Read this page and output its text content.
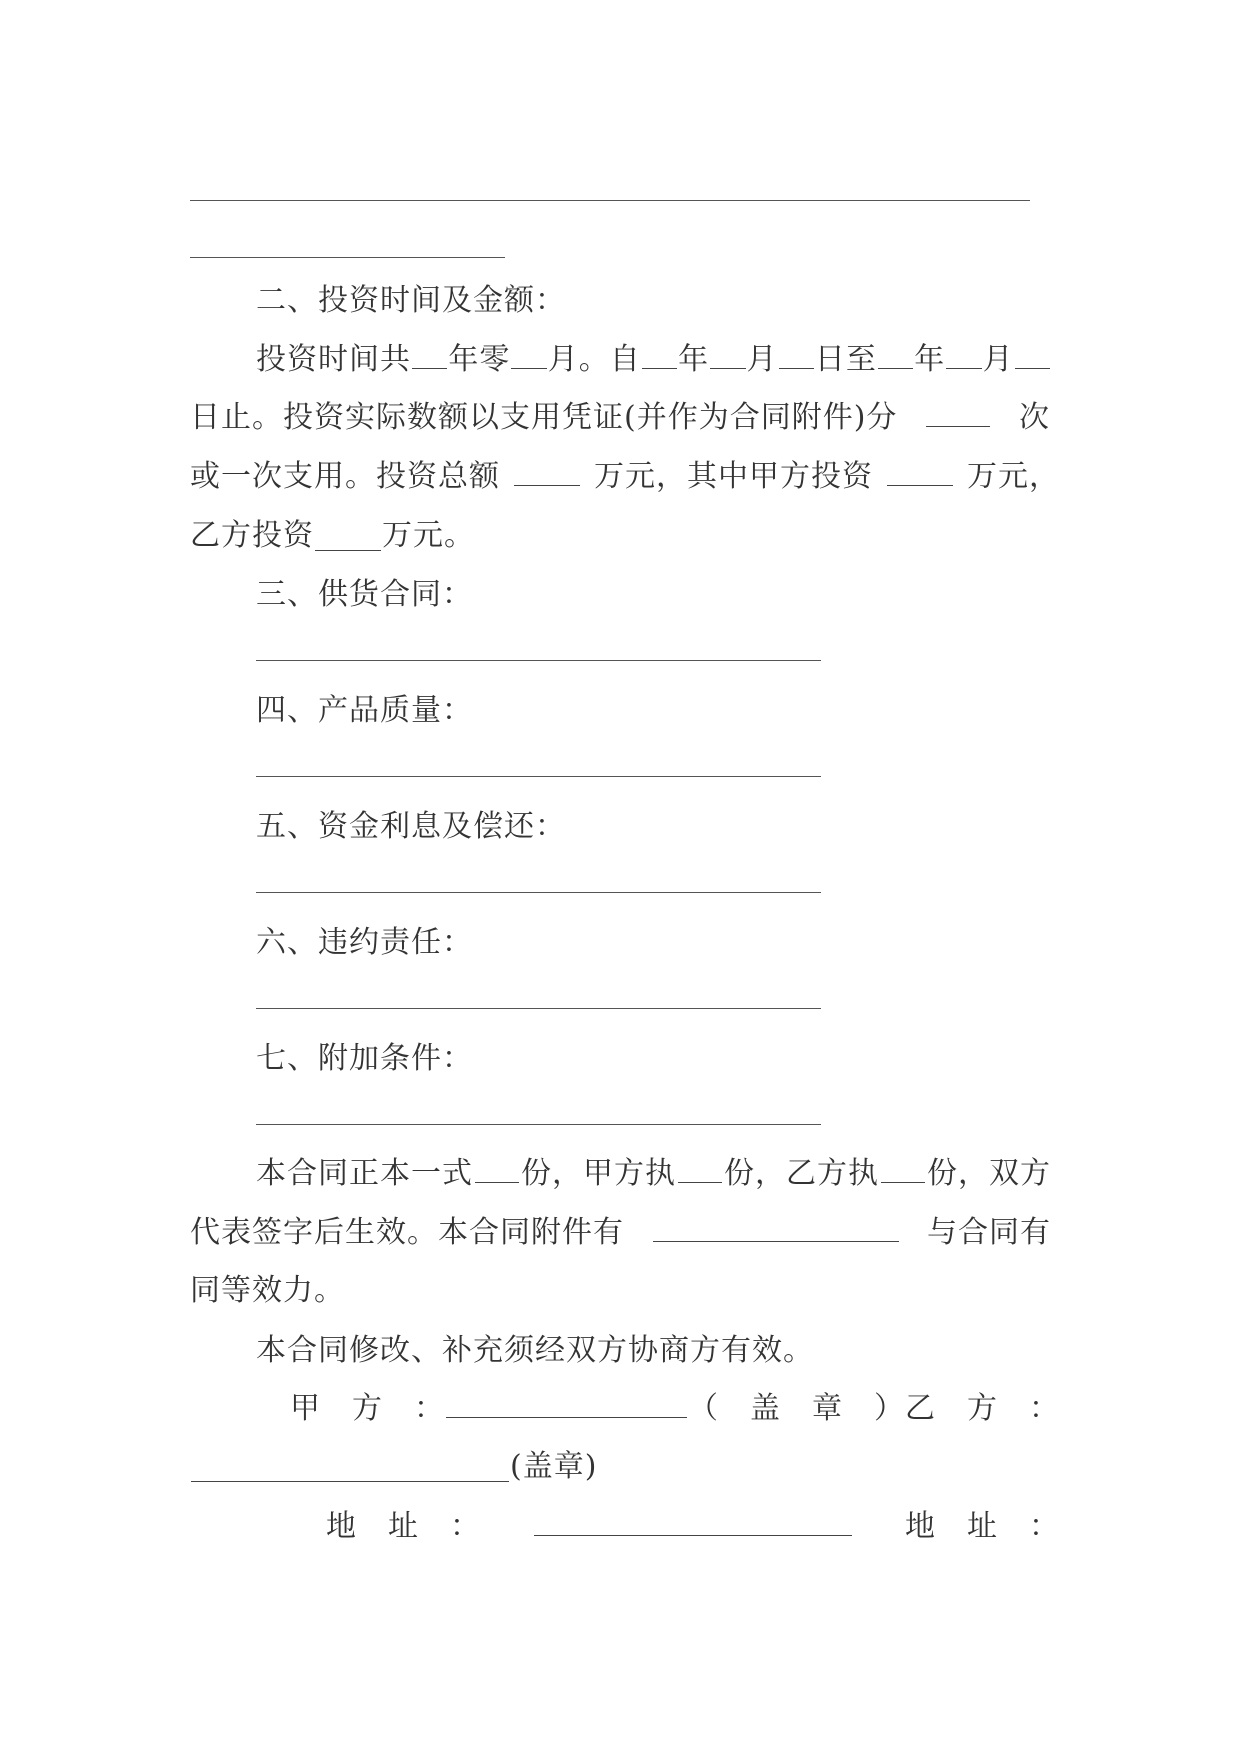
二、投资时间及金额：
投资时间共 年零 月。自 年 月 日至 年 月
日止。投资实际数额以支用凭证(并作为合同附件)分	次
或一次支用。投资总额	万元，其中甲方投资	万元，
乙方投资 万元。
三、供货合同：
四、产品质量：
五、资金利息及偿还：
六、违约责任：
七、附加条件：
本合同正本一式 份，甲方执 份，乙方执 份，双方
代表签字后生效。本合同附件有	与合同有
同等效力。
本合同修改、补充须经双方协商方有效。
甲　方　：	（　盖　章　） 乙　方　：
(盖章)
地　址　：	地　址　：
